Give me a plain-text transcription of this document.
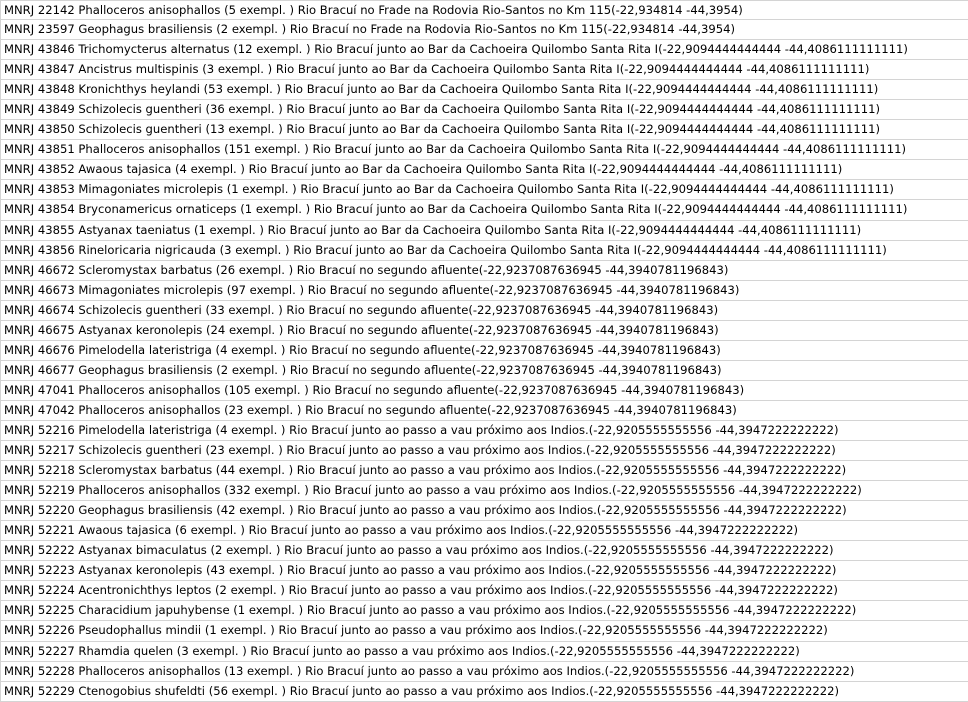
MNRJ 22142 Phalloceros anisophallos (5 exempl. ) Rio Bracuí no Frade na Rodovia Rio-Santos no Km 115(-22,934814 -44,3954)
MNRJ 23597 Geophagus brasiliensis (2 exempl. ) Rio Bracuí no Frade na Rodovia Rio-Santos no Km 115(-22,934814 -44,3954)
MNRJ 43846 Trichomycterus alternatus (12 exempl. ) Rio Bracuí junto ao Bar da Cachoeira Quilombo Santa Rita I(-22,9094444444444 -44,4086111111111)
MNRJ 43847 Ancistrus multispinis (3 exempl. ) Rio Bracuí junto ao Bar da Cachoeira Quilombo Santa Rita I(-22,9094444444444 -44,4086111111111)
MNRJ 43848 Kronichthys heylandi (53 exempl. ) Rio Bracuí junto ao Bar da Cachoeira Quilombo Santa Rita I(-22,9094444444444 -44,4086111111111)
MNRJ 43849 Schizolecis guentheri (36 exempl. ) Rio Bracuí junto ao Bar da Cachoeira Quilombo Santa Rita I(-22,9094444444444 -44,4086111111111)
MNRJ 43850 Schizolecis guentheri (13 exempl. ) Rio Bracuí junto ao Bar da Cachoeira Quilombo Santa Rita I(-22,9094444444444 -44,4086111111111)
MNRJ 43851 Phalloceros anisophallos (151 exempl. ) Rio Bracuí junto ao Bar da Cachoeira Quilombo Santa Rita I(-22,9094444444444 -44,4086111111111)
MNRJ 43852 Awaous tajasica (4 exempl. ) Rio Bracuí junto ao Bar da Cachoeira Quilombo Santa Rita I(-22,9094444444444 -44,4086111111111)
MNRJ 43853 Mimagoniates microlepis (1 exempl. ) Rio Bracuí junto ao Bar da Cachoeira Quilombo Santa Rita I(-22,9094444444444 -44,4086111111111)
MNRJ 43854 Bryconamericus ornaticeps (1 exempl. ) Rio Bracuí junto ao Bar da Cachoeira Quilombo Santa Rita I(-22,9094444444444 -44,4086111111111)
MNRJ 43855 Astyanax taeniatus (1 exempl. ) Rio Bracuí junto ao Bar da Cachoeira Quilombo Santa Rita I(-22,9094444444444 -44,4086111111111)
MNRJ 43856 Rineloricaria nigricauda (3 exempl. ) Rio Bracuí junto ao Bar da Cachoeira Quilombo Santa Rita I(-22,9094444444444 -44,4086111111111)
MNRJ 46672 Scleromystax barbatus (26 exempl. ) Rio Bracuí no segundo afluente(-22,9237087636945 -44,3940781196843)
MNRJ 46673 Mimagoniates microlepis (97 exempl. ) Rio Bracuí no segundo afluente(-22,9237087636945 -44,3940781196843)
MNRJ 46674 Schizolecis guentheri (33 exempl. ) Rio Bracuí no segundo afluente(-22,9237087636945 -44,3940781196843)
MNRJ 46675 Astyanax keronolepis (24 exempl. ) Rio Bracuí no segundo afluente(-22,9237087636945 -44,3940781196843)
MNRJ 46676 Pimelodella lateristriga (4 exempl. ) Rio Bracuí no segundo afluente(-22,9237087636945 -44,3940781196843)
MNRJ 46677 Geophagus brasiliensis (2 exempl. ) Rio Bracuí no segundo afluente(-22,9237087636945 -44,3940781196843)
MNRJ 47041 Phalloceros anisophallos (105 exempl. ) Rio Bracuí no segundo afluente(-22,9237087636945 -44,3940781196843)
MNRJ 47042 Phalloceros anisophallos (23 exempl. ) Rio Bracuí no segundo afluente(-22,9237087636945 -44,3940781196843)
MNRJ 52216 Pimelodella lateristriga (4 exempl. ) Rio Bracuí junto ao passo a vau próximo aos Indios.(-22,9205555555556 -44,3947222222222)
MNRJ 52217 Schizolecis guentheri (23 exempl. ) Rio Bracuí junto ao passo a vau próximo aos Indios.(-22,9205555555556 -44,3947222222222)
MNRJ 52218 Scleromystax barbatus (44 exempl. ) Rio Bracuí junto ao passo a vau próximo aos Indios.(-22,9205555555556 -44,3947222222222)
MNRJ 52219 Phalloceros anisophallos (332 exempl. ) Rio Bracuí junto ao passo a vau próximo aos Indios.(-22,9205555555556 -44,3947222222222)
MNRJ 52220 Geophagus brasiliensis (42 exempl. ) Rio Bracuí junto ao passo a vau próximo aos Indios.(-22,9205555555556 -44,3947222222222)
MNRJ 52221 Awaous tajasica (6 exempl. ) Rio Bracuí junto ao passo a vau próximo aos Indios.(-22,9205555555556 -44,3947222222222)
MNRJ 52222 Astyanax bimaculatus (2 exempl. ) Rio Bracuí junto ao passo a vau próximo aos Indios.(-22,9205555555556 -44,3947222222222)
MNRJ 52223 Astyanax keronolepis (43 exempl. ) Rio Bracuí junto ao passo a vau próximo aos Indios.(-22,9205555555556 -44,3947222222222)
MNRJ 52224 Acentronichthys leptos (2 exempl. ) Rio Bracuí junto ao passo a vau próximo aos Indios.(-22,9205555555556 -44,3947222222222)
MNRJ 52225 Characidium japuhybense (1 exempl. ) Rio Bracuí junto ao passo a vau próximo aos Indios.(-22,9205555555556 -44,3947222222222)
MNRJ 52226 Pseudophallus mindii (1 exempl. ) Rio Bracuí junto ao passo a vau próximo aos Indios.(-22,9205555555556 -44,3947222222222)
MNRJ 52227 Rhamdia quelen (3 exempl. ) Rio Bracuí junto ao passo a vau próximo aos Indios.(-22,9205555555556 -44,3947222222222)
MNRJ 52228 Phalloceros anisophallos (13 exempl. ) Rio Bracuí junto ao passo a vau próximo aos Indios.(-22,9205555555556 -44,3947222222222)
MNRJ 52229 Ctenogobius shufeldti (56 exempl. ) Rio Bracuí junto ao passo a vau próximo aos Indios.(-22,9205555555556 -44,3947222222222)
